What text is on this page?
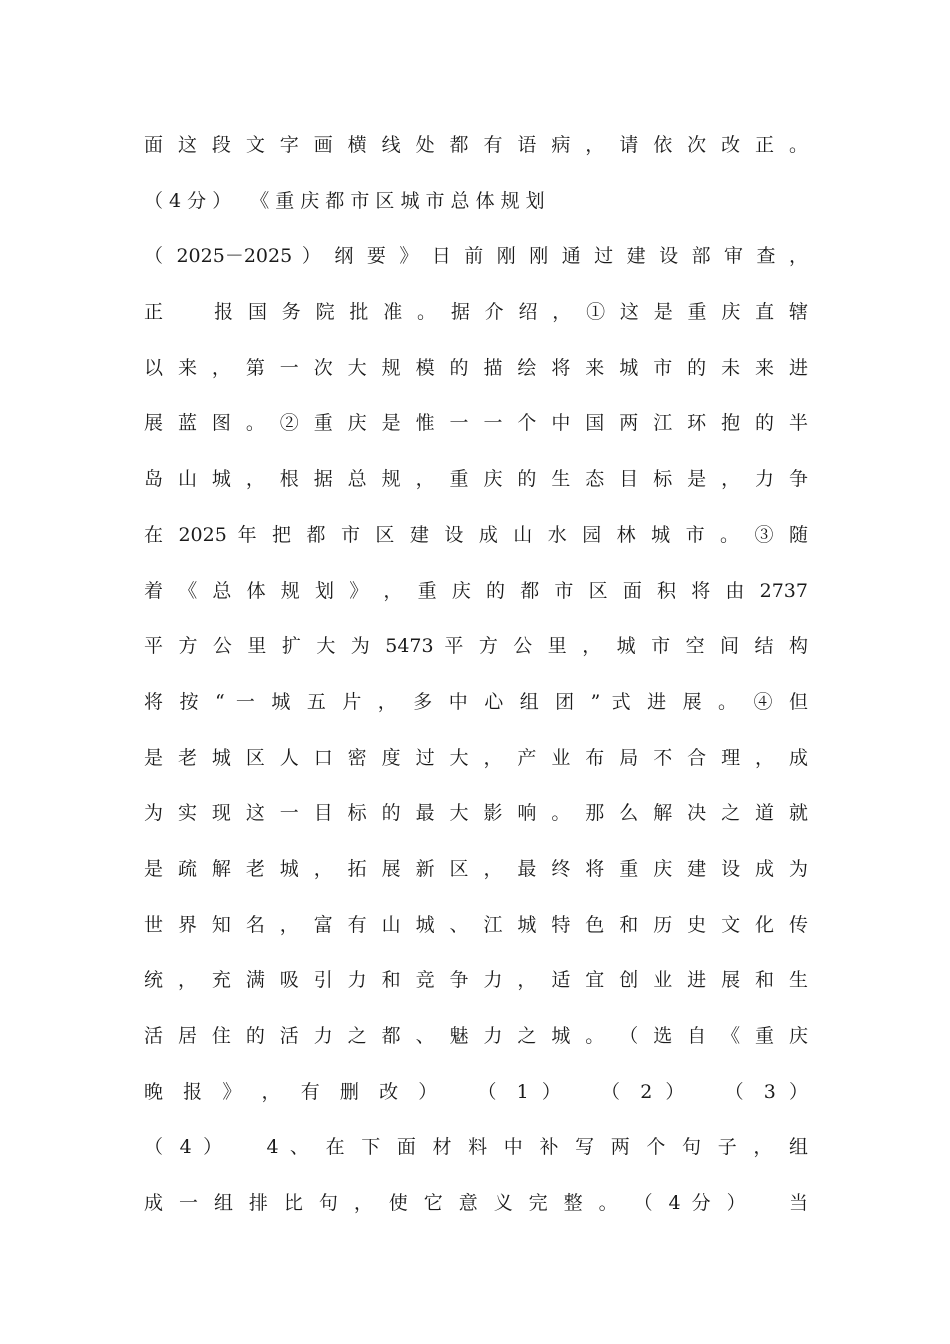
面 这 段 文 字 画 横 线 处 都 有 语 病 ， 请 依 次 改 正 。
（ 4 分 ）　　《 重 庆 都 市 区 城 市 总 体 规 划
（ 2025－2025 ） 纲 要 》 日 前 刚 刚 通 过 建 设 部 审 查 ，
正　　报 国 务 院 批 准 。 据 介 绍 ， ① 这 是 重 庆 直 辖
以 来 ， 第 一 次 大 规 模 的 描 绘 将 来 城 市 的 未 来 进
展 蓝 图 。 ② 重 庆 是 惟 一 一 个 中 国 两 江 环 抱 的 半
岛 山 城 ， 根 据 总 规 ， 重 庆 的 生 态 目 标 是 ， 力 争
在 2025 年 把 都 市 区 建 设 成 山 水 园 林 城 市 。 ③ 随
着 《 总 体 规 划 》 ， 重 庆 的 都 市 区 面 积 将 由 2737
平 方 公 里 扩 大 为 5473 平 方 公 里 ， 城 市 空 间 结 构
将 按 “ 一 城 五 片 ， 多 中 心 组 团 ” 式 进 展 。 ④ 但
是 老 城 区 人 口 密 度 过 大 ， 产 业 布 局 不 合 理 ， 成
为 实 现 这 一 目 标 的 最 大 影 响 。 那 么 解 决 之 道 就
是 疏 解 老 城 ， 拓 展 新 区 ， 最 终 将 重 庆 建 设 成 为
世 界 知 名 ， 富 有 山 城 、 江 城 特 色 和 历 史 文 化 传
统 ， 充 满 吸 引 力 和 竞 争 力 ， 适 宜 创 业 进 展 和 生
活 居 住 的 活 力 之 都 、 魅 力 之 城 。 （ 选 自 《 重 庆
晚 报 》 ， 有 删 改 ）　　（ 1 ）　　（ 2 ）　　（ 3 ）
（ 4 ）　　4 、 在 下 面 材 料 中 补 写 两 个 句 子 ， 组
成 一 组 排 比 句 ， 使 它 意 义 完 整 。 （ 4 分 ）　　当
